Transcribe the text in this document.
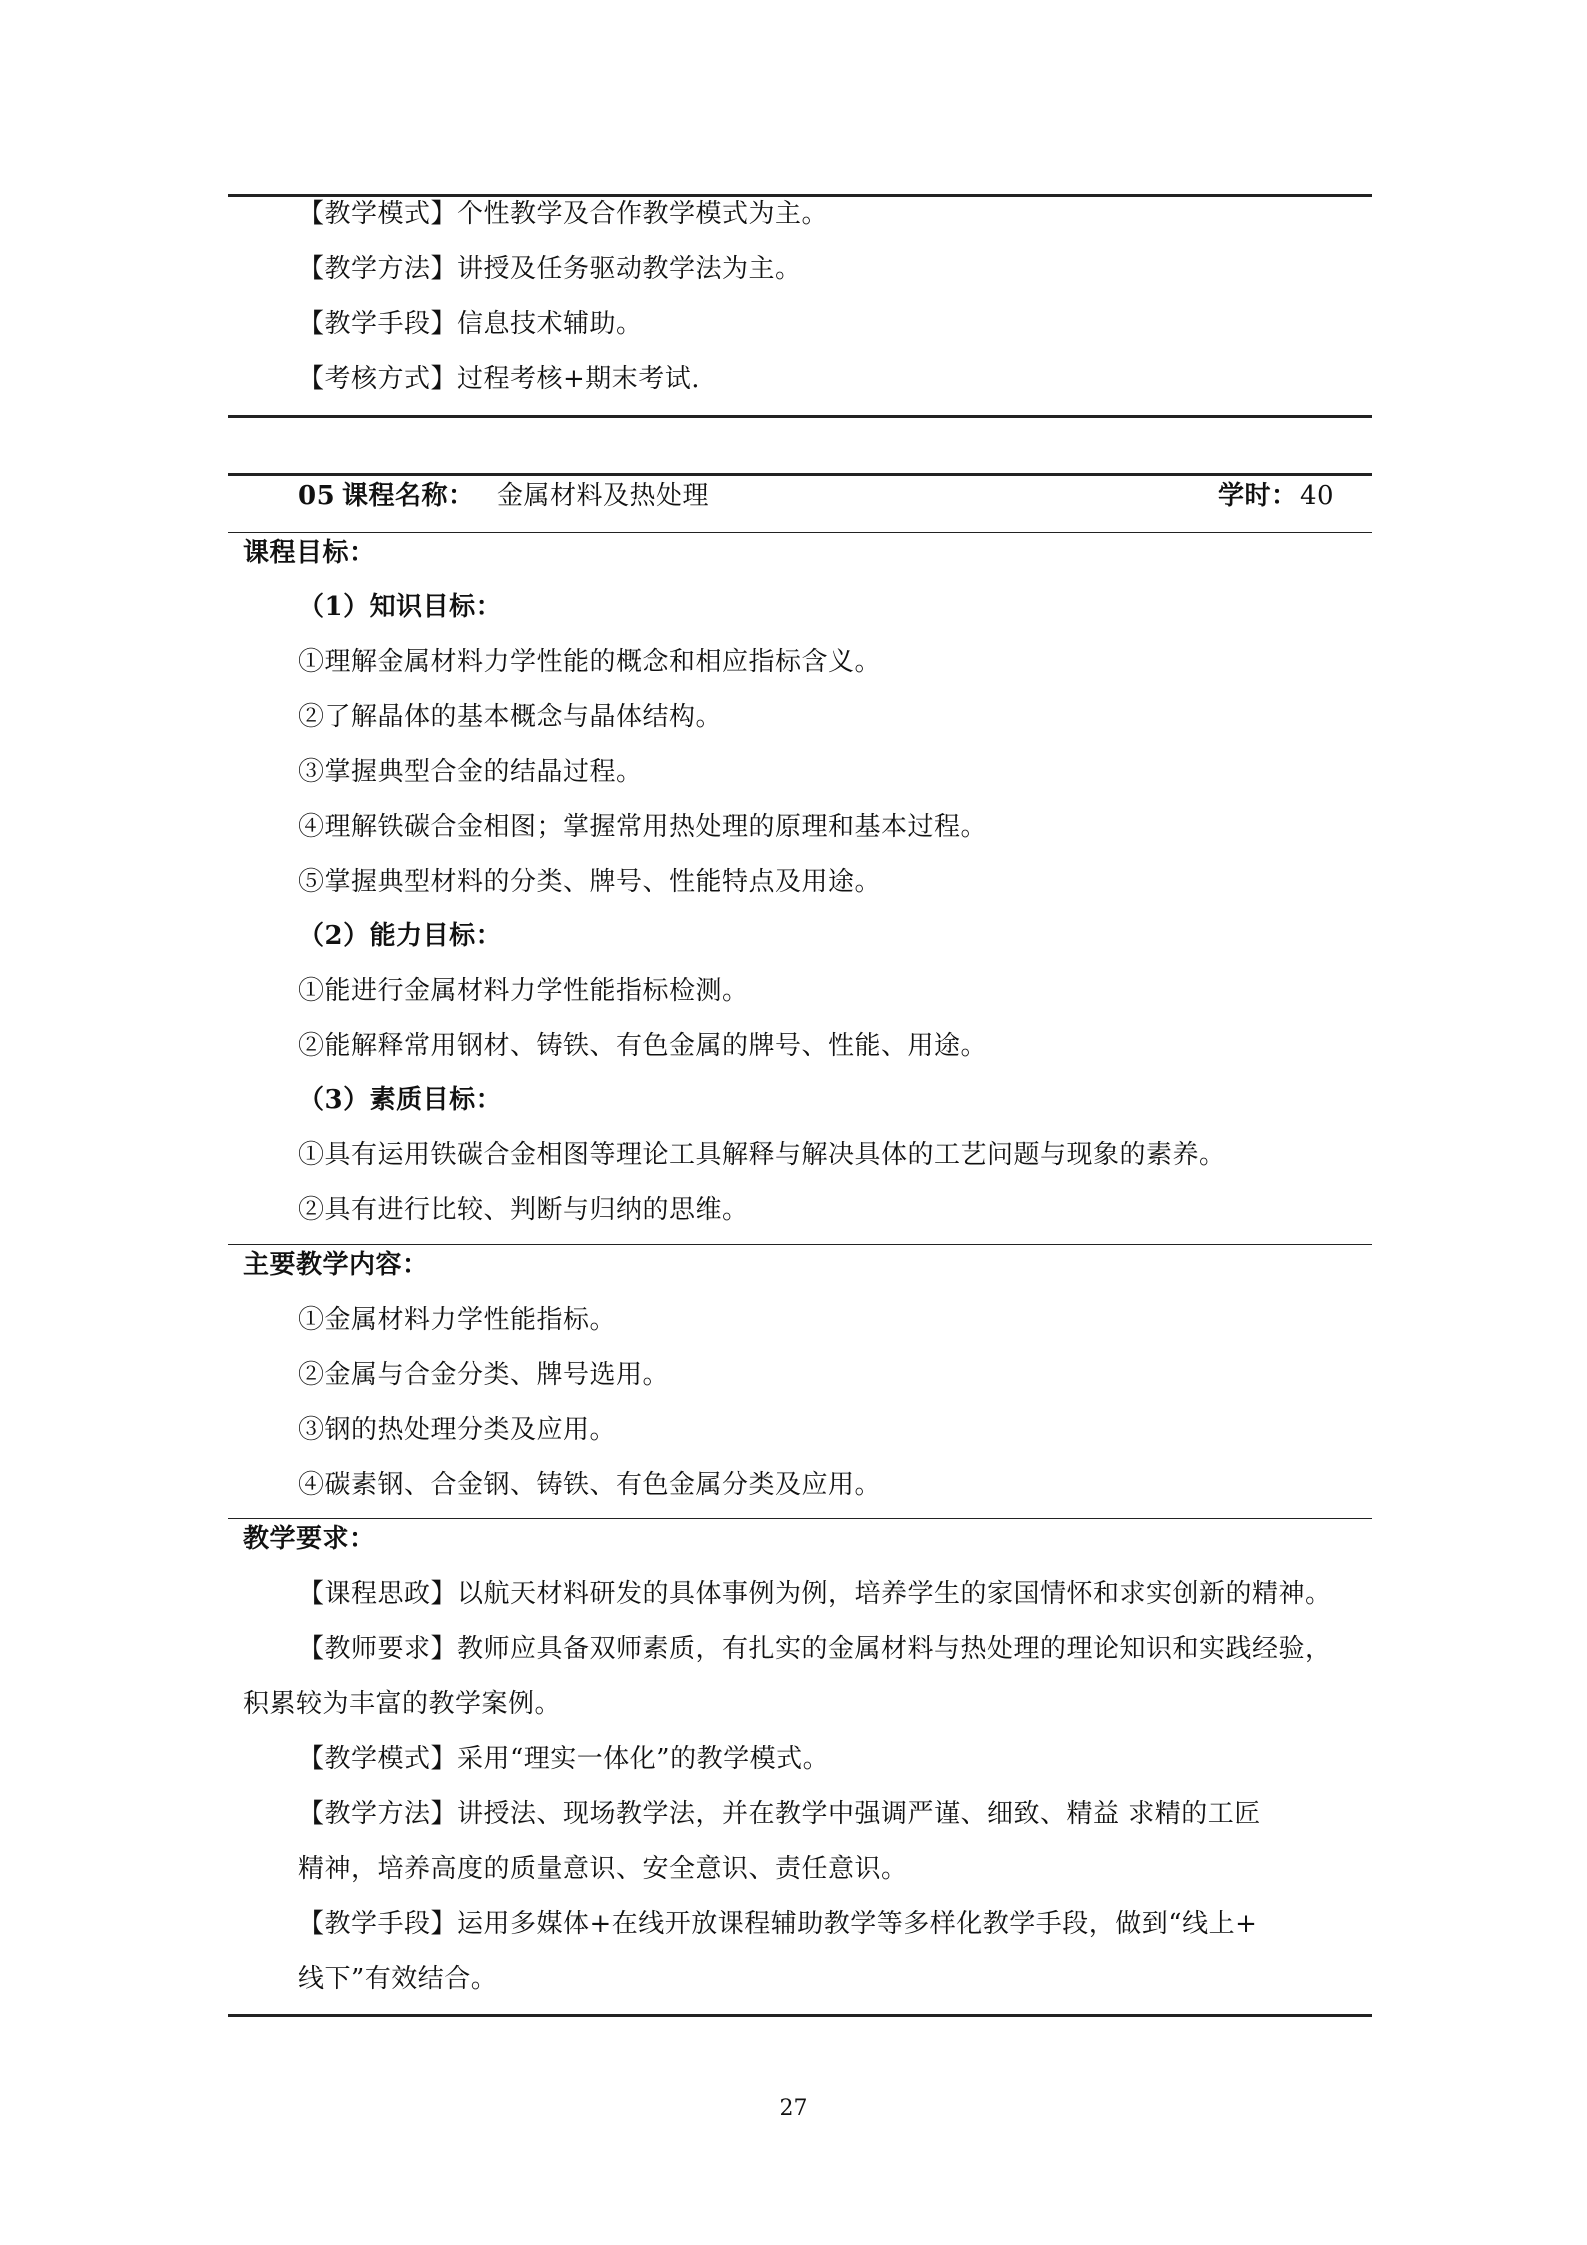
【教学模式】个性教学及合作教学模式为主。
【教学方法】讲授及任务驱动教学法为主。
【教学手段】信息技术辅助。
【考核方式】过程考核+期末考试.
05 课程名称： 金属材料及热处理	学时： 40
课程目标：
（1）知识目标：
①理解金属材料力学性能的概念和相应指标含义。
②了解晶体的基本概念与晶体结构。
③掌握典型合金的结晶过程。
④理解铁碳合金相图；掌握常用热处理的原理和基本过程。
⑤掌握典型材料的分类、牌号、性能特点及用途。
（2）能力目标：
①能进行金属材料力学性能指标检测。
②能解释常用钢材、铸铁、有色金属的牌号、性能、用途。
（3）素质目标：
①具有运用铁碳合金相图等理论工具解释与解决具体的工艺问题与现象的素养。
②具有进行比较、判断与归纳的思维。
主要教学内容：
①金属材料力学性能指标。
②金属与合金分类、牌号选用。
③钢的热处理分类及应用。
④碳素钢、合金钢、铸铁、有色金属分类及应用。
教学要求：
【课程思政】以航天材料研发的具体事例为例，培养学生的家国情怀和求实创新的精神。
【教师要求】教师应具备双师素质，有扎实的金属材料与热处理的理论知识和实践经验，
积累较为丰富的教学案例。
【教学模式】采用“理实一体化”的教学模式。
【教学方法】讲授法、现场教学法，并在教学中强调严谨、细致、精益 求精的工匠
精神，培养高度的质量意识、安全意识、责任意识。
【教学手段】运用多媒体+在线开放课程辅助教学等多样化教学手段，做到“线上+
线下”有效结合。
27
